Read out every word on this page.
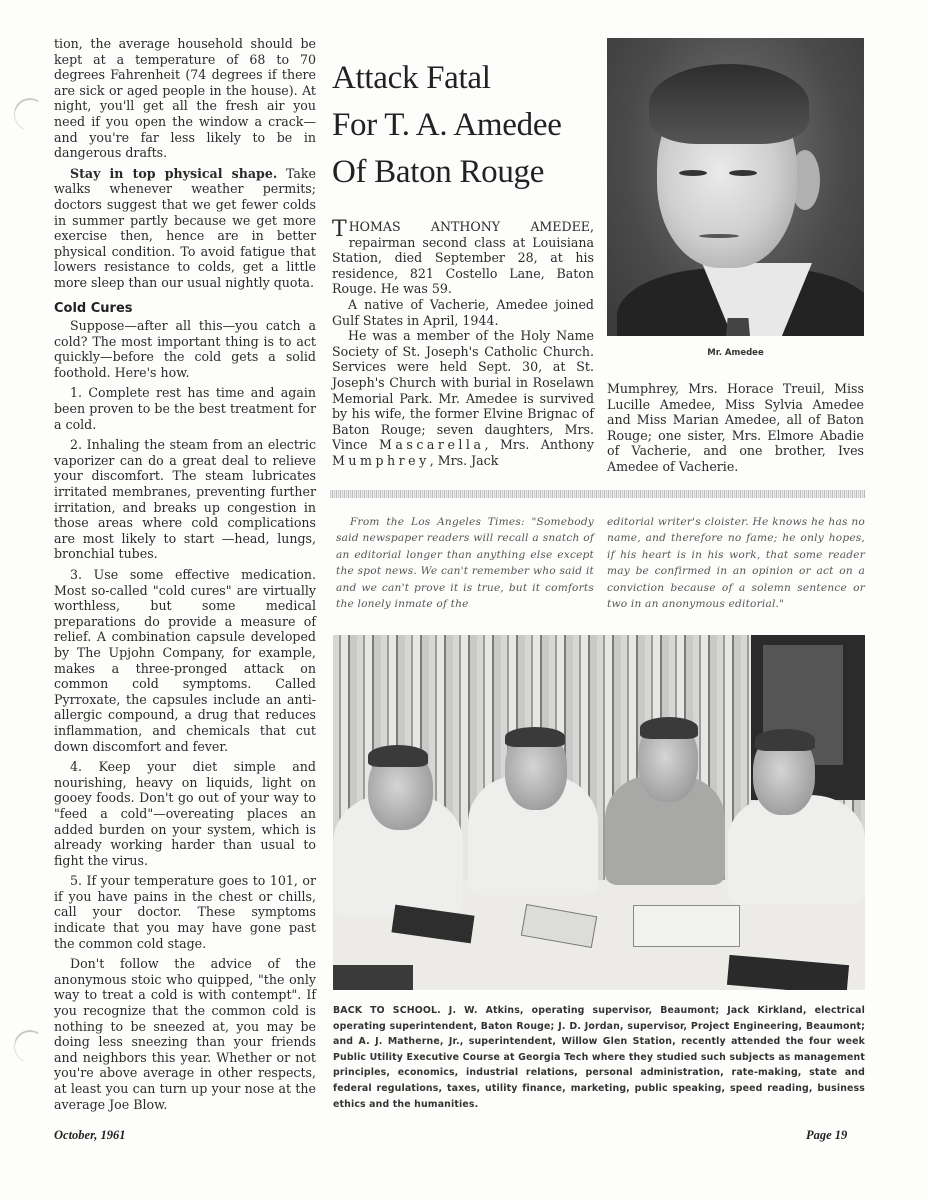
tion, the average household should be kept at a temperature of 68 to 70 degrees Fahrenheit (74 degrees if there are sick or aged people in the house). At night, you'll get all the fresh air you need if you open the window a crack— and you're far less likely to be in dangerous drafts.

Stay in top physical shape. Take walks whenever weather permits; doctors suggest that we get fewer colds in summer partly because we get more exercise then, hence are in better physical condition. To avoid fatigue that lowers resistance to colds, get a little more sleep than our usual nightly quota.

Cold Cures

Suppose—after all this—you catch a cold? The most important thing is to act quickly—before the cold gets a solid foothold. Here's how.

1. Complete rest has time and again been proven to be the best treatment for a cold.

2. Inhaling the steam from an electric vaporizer can do a great deal to relieve your discomfort. The steam lubricates irritated membranes, preventing further irritation, and breaks up congestion in those areas where cold complications are most likely to start —head, lungs, bronchial tubes.

3. Use some effective medication. Most so-called "cold cures" are virtually worthless, but some medical preparations do provide a measure of relief. A combination capsule developed by The Upjohn Company, for example, makes a three-pronged attack on common cold symptoms. Called Pyrroxate, the capsules include an anti-allergic compound, a drug that reduces inflammation, and chemicals that cut down discomfort and fever.

4. Keep your diet simple and nourishing, heavy on liquids, light on gooey foods. Don't go out of your way to "feed a cold"—overeating places an added burden on your system, which is already working harder than usual to fight the virus.

5. If your temperature goes to 101, or if you have pains in the chest or chills, call your doctor. These symptoms indicate that you may have gone past the common cold stage.

Don't follow the advice of the anonymous stoic who quipped, "the only way to treat a cold is with contempt". If you recognize that the common cold is nothing to be sneezed at, you may be doing less sneezing than your friends and neighbors this year. Whether or not you're above average in other respects, at least you can turn up your nose at the average Joe Blow.

Attack Fatal
For T. A. Amedee
Of Baton Rouge
Mr. Amedee

THOMAS ANTHONY AMEDEE, repairman second class at Louisiana Station, died September 28, at his residence, 821 Costello Lane, Baton Rouge. He was 59.

A native of Vacherie, Amedee joined Gulf States in April, 1944.

He was a member of the Holy Name Society of St. Joseph's Catholic Church. Services were held Sept. 30, at St. Joseph's Church with burial in Roselawn Memorial Park. Mr. Amedee is survived by his wife, the former Elvine Brignac of Baton Rouge; seven daughters, Mrs. Vince Mascarella, Mrs. Anthony Mumphrey, Mrs. Jack

Mumphrey, Mrs. Horace Treuil, Miss Lucille Amedee, Miss Sylvia Amedee and Miss Marian Amedee, all of Baton Rouge; one sister, Mrs. Elmore Abadie of Vacherie, and one brother, Ives Amedee of Vacherie.

From the Los Angeles Times: "Somebody said newspaper readers will recall a snatch of an editorial longer than anything else except the spot news. We can't remember who said it and we can't prove it is true, but it comforts the lonely inmate of the

editorial writer's cloister. He knows he has no name, and therefore no fame; he only hopes, if his heart is in his work, that some reader may be confirmed in an opinion or act on a conviction because of a solemn sentence or two in an anonymous editorial."

BACK TO SCHOOL. J. W. Atkins, operating supervisor, Beaumont; Jack Kirkland, electrical operating superintendent, Baton Rouge; J. D. Jordan, supervisor, Project Engineering, Beaumont; and A. J. Matherne, Jr., superintendent, Willow Glen Station, recently attended the four week Public Utility Executive Course at Georgia Tech where they studied such subjects as management principles, economics, industrial relations, personal administration, rate-making, state and federal regulations, taxes, utility finance, marketing, public speaking, speed reading, business ethics and the humanities.
October, 1961	Page 19
